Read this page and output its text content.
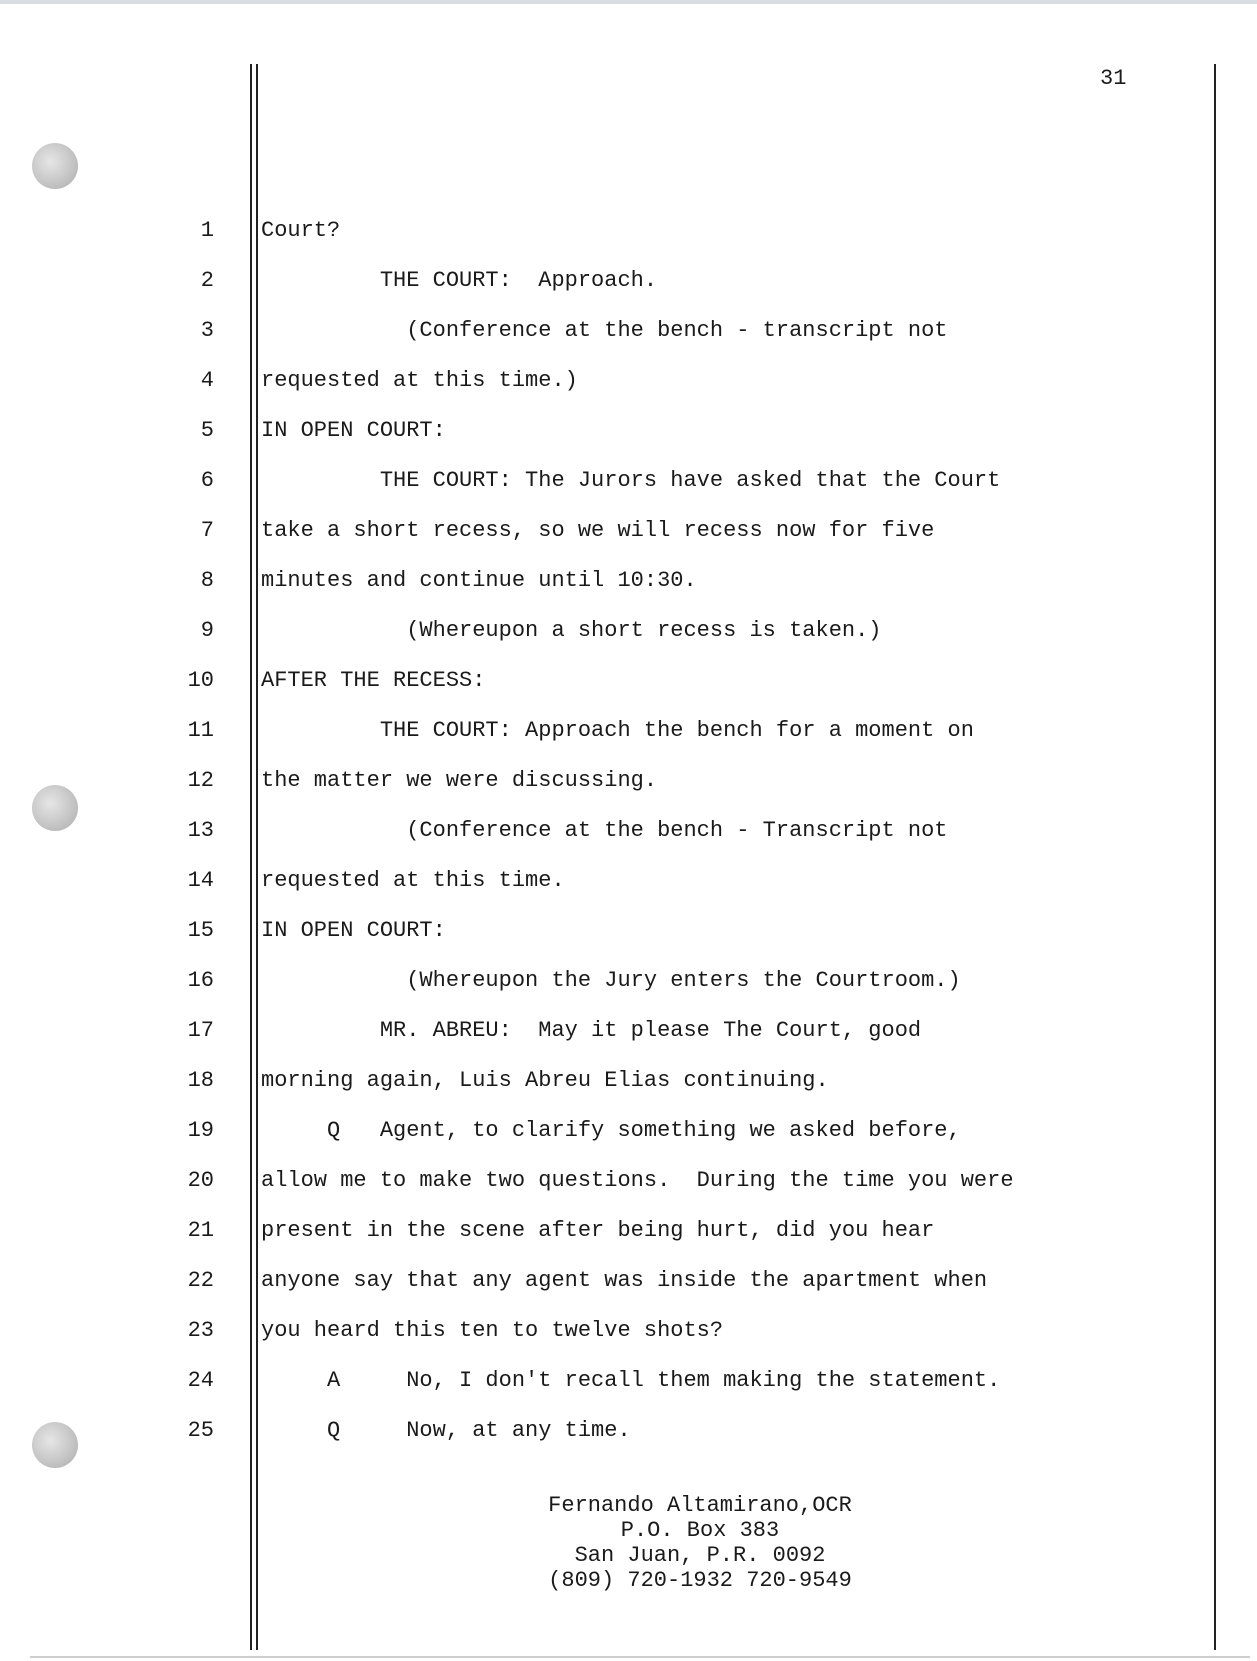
31
1 Court?
2 THE COURT:  Approach.
3 (Conference at the bench - transcript not
4 requested at this time.)
5 IN OPEN COURT:
6 THE COURT: The Jurors have asked that the Court
7 take a short recess, so we will recess now for five
8 minutes and continue until 10:30.
9 (Whereupon a short recess is taken.)
10 AFTER THE RECESS:
11 THE COURT: Approach the bench for a moment on
12 the matter we were discussing.
13 (Conference at the bench - Transcript not
14 requested at this time.
15 IN OPEN COURT:
16 (Whereupon the Jury enters the Courtroom.)
17 MR. ABREU:  May it please The Court, good
18 morning again, Luis Abreu Elias continuing.
19 Q   Agent, to clarify something we asked before,
20 allow me to make two questions.  During the time you were
21 present in the scene after being hurt, did you hear
22 anyone say that any agent was inside the apartment when
23 you heard this ten to twelve shots?
24 A     No, I don't recall them making the statement.
25 Q     Now, at any time.
Fernando Altamirano,OCR
P.O. Box 383
San Juan, P.R. 0092
(809) 720-1932 720-9549
